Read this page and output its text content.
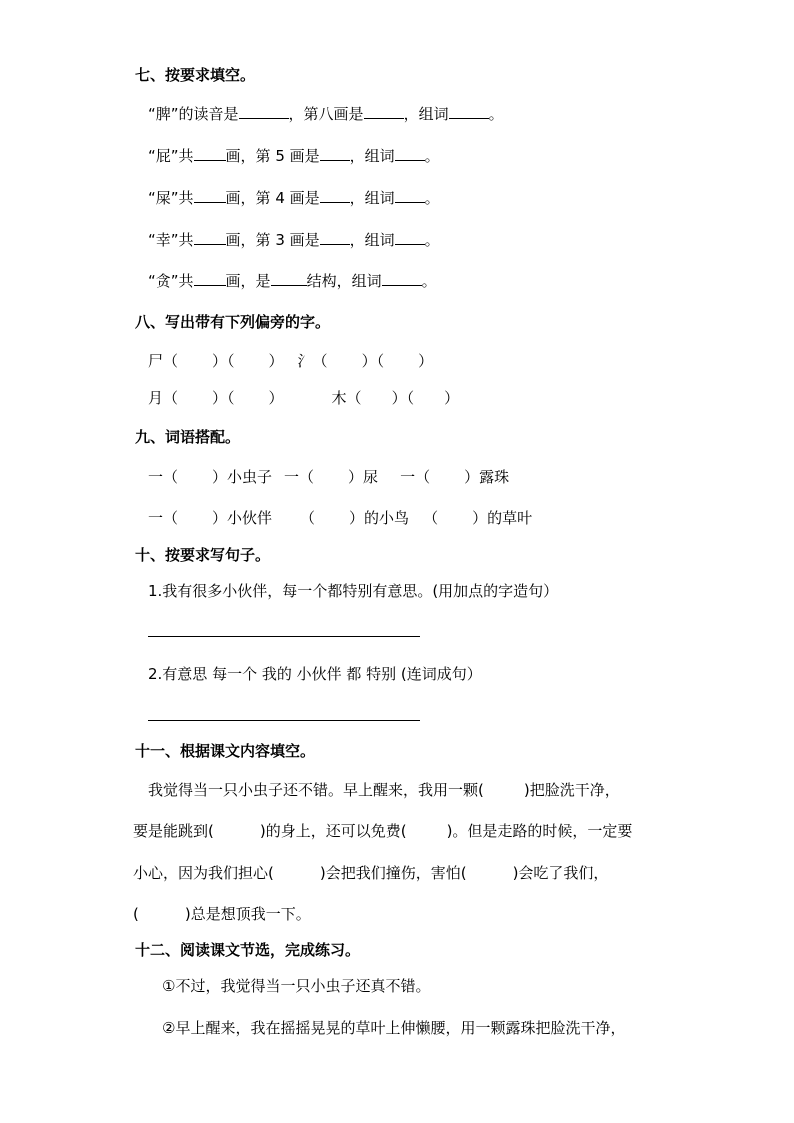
七、按要求填空。
“脾”的读音是	，第八画是	，组词	。
“屁”共 画，第 5 画是 ，组词 。
“屎”共 画，第 4 画是 ，组词 。
“幸”共 画，第 3 画是 ，组词 。
“贪”共 画，是 结构，组词	。
八、写出带有下列偏旁的字。
尸（ ）（ ） 氵（ ）（ ）
月（ ）（ ）	木（ ）（ ）
九、词语搭配。
一（ ）小虫子 一（ ）尿 一（ ）露珠
一（ ）小伙伴 （ ）的小鸟 （ ）的草叶
十、按要求写句子。
1.我有很多小伙伴，每一个都特别有意思。(用加点的字造句）
2.有意思 每一个 我的 小伙伴 都 特别 (连词成句）
十一、根据课文内容填空。
我觉得当一只小虫子还不错。早上醒来，我用一颗(	)把脸洗干净，
要是能跳到(	)的身上，还可以免费(	)。但是走路的时候，一定要
小心，因为我们担心(	)会把我们撞伤，害怕(	)会吃了我们，
(	)总是想顶我一下。
十二、阅读课文节选，完成练习。
①不过，我觉得当一只小虫子还真不错。
②早上醒来，我在摇摇晃晃的草叶上伸懒腰，用一颗露珠把脸洗干净，
